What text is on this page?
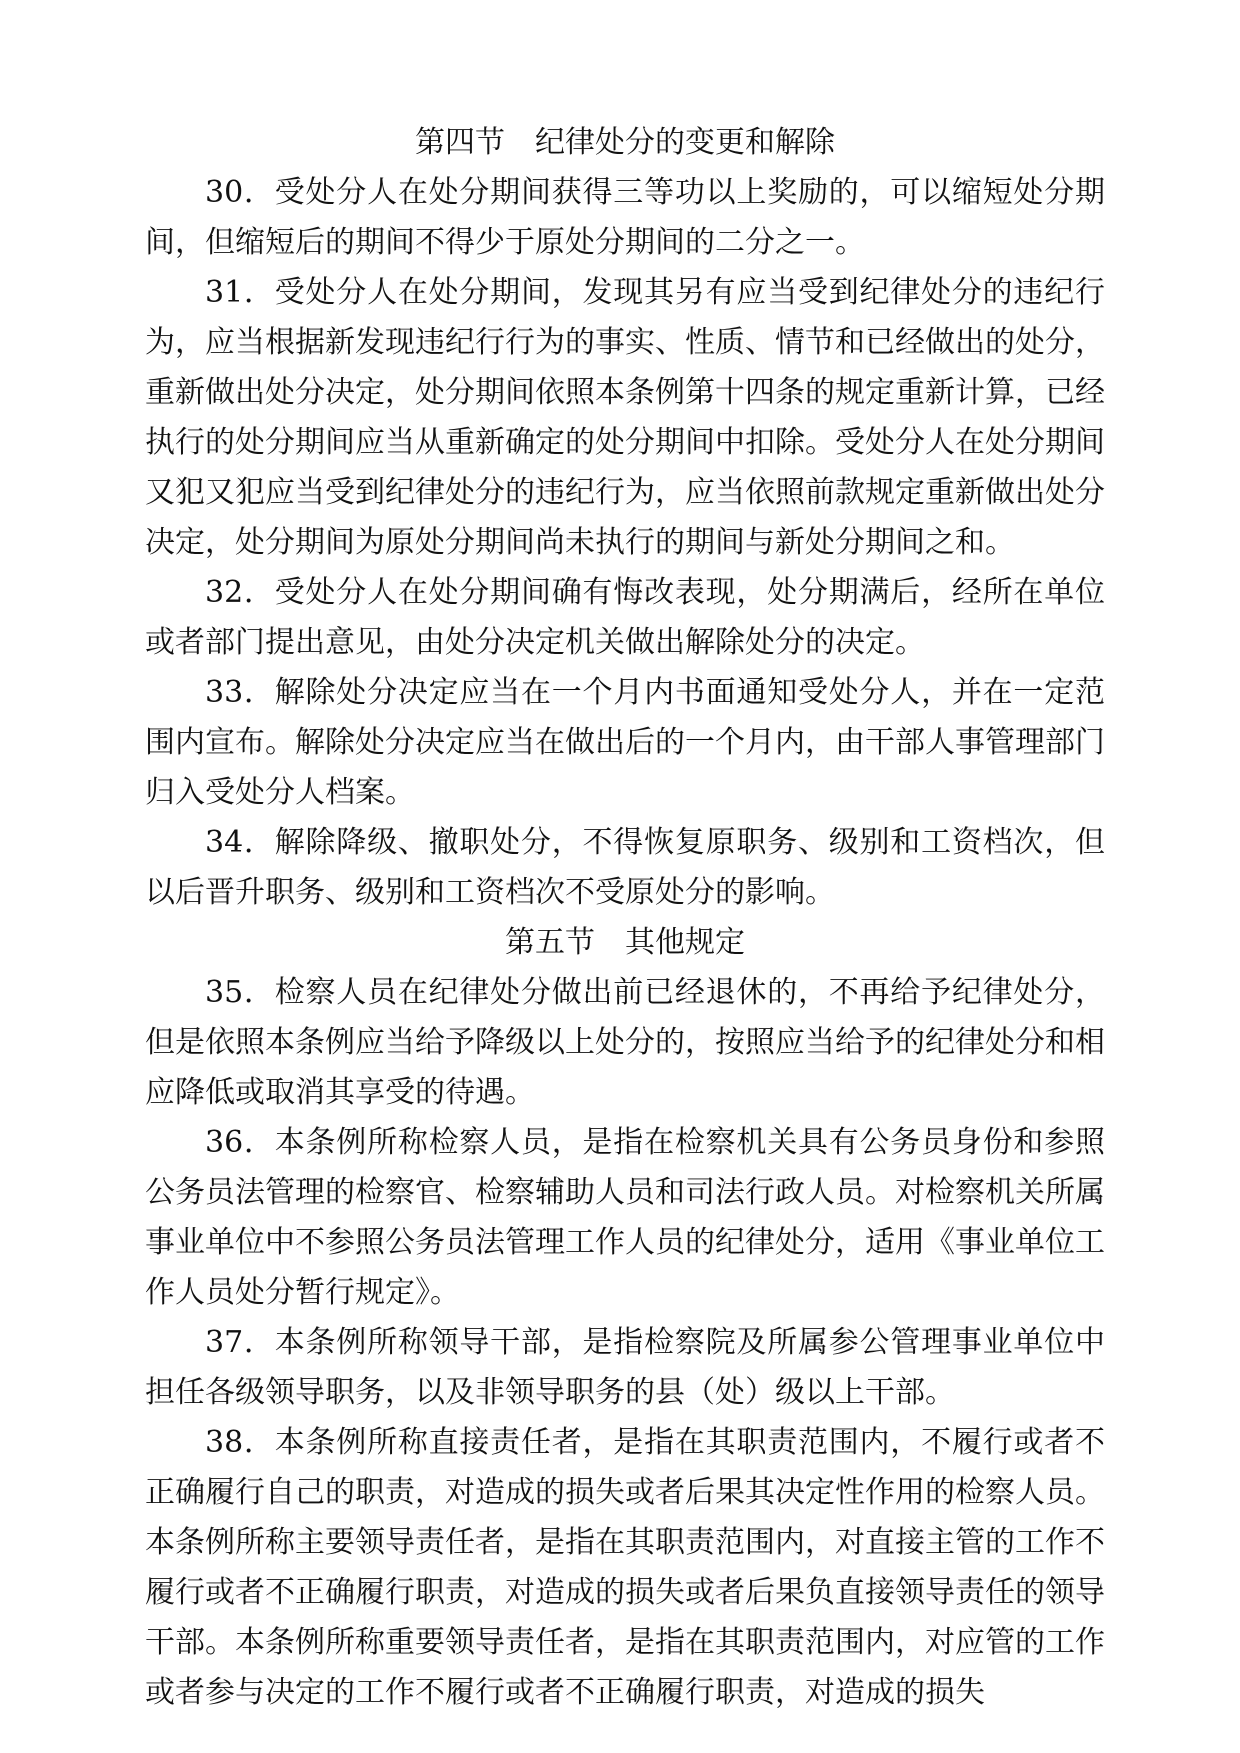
第四节　纪律处分的变更和解除

30．受处分人在处分期间获得三等功以上奖励的，可以缩短处分期间，但缩短后的期间不得少于原处分期间的二分之一。

31．受处分人在处分期间，发现其另有应当受到纪律处分的违纪行为，应当根据新发现违纪行行为的事实、性质、情节和已经做出的处分，重新做出处分决定，处分期间依照本条例第十四条的规定重新计算，已经执行的处分期间应当从重新确定的处分期间中扣除。受处分人在处分期间又犯又犯应当受到纪律处分的违纪行为，应当依照前款规定重新做出处分决定，处分期间为原处分期间尚未执行的期间与新处分期间之和。

32．受处分人在处分期间确有悔改表现，处分期满后，经所在单位或者部门提出意见，由处分决定机关做出解除处分的决定。

33．解除处分决定应当在一个月内书面通知受处分人，并在一定范围内宣布。解除处分决定应当在做出后的一个月内，由干部人事管理部门归入受处分人档案。

34．解除降级、撤职处分，不得恢复原职务、级别和工资档次，但以后晋升职务、级别和工资档次不受原处分的影响。

第五节　其他规定

35．检察人员在纪律处分做出前已经退休的，不再给予纪律处分，但是依照本条例应当给予降级以上处分的，按照应当给予的纪律处分和相应降低或取消其享受的待遇。

36．本条例所称检察人员，是指在检察机关具有公务员身份和参照公务员法管理的检察官、检察辅助人员和司法行政人员。对检察机关所属事业单位中不参照公务员法管理工作人员的纪律处分，适用《事业单位工作人员处分暂行规定》。

37．本条例所称领导干部，是指检察院及所属参公管理事业单位中担任各级领导职务，以及非领导职务的县（处）级以上干部。

38．本条例所称直接责任者，是指在其职责范围内，不履行或者不正确履行自己的职责，对造成的损失或者后果其决定性作用的检察人员。本条例所称主要领导责任者，是指在其职责范围内，对直接主管的工作不履行或者不正确履行职责，对造成的损失或者后果负直接领导责任的领导干部。本条例所称重要领导责任者，是指在其职责范围内，对应管的工作或者参与决定的工作不履行或者不正确履行职责，对造成的损失
